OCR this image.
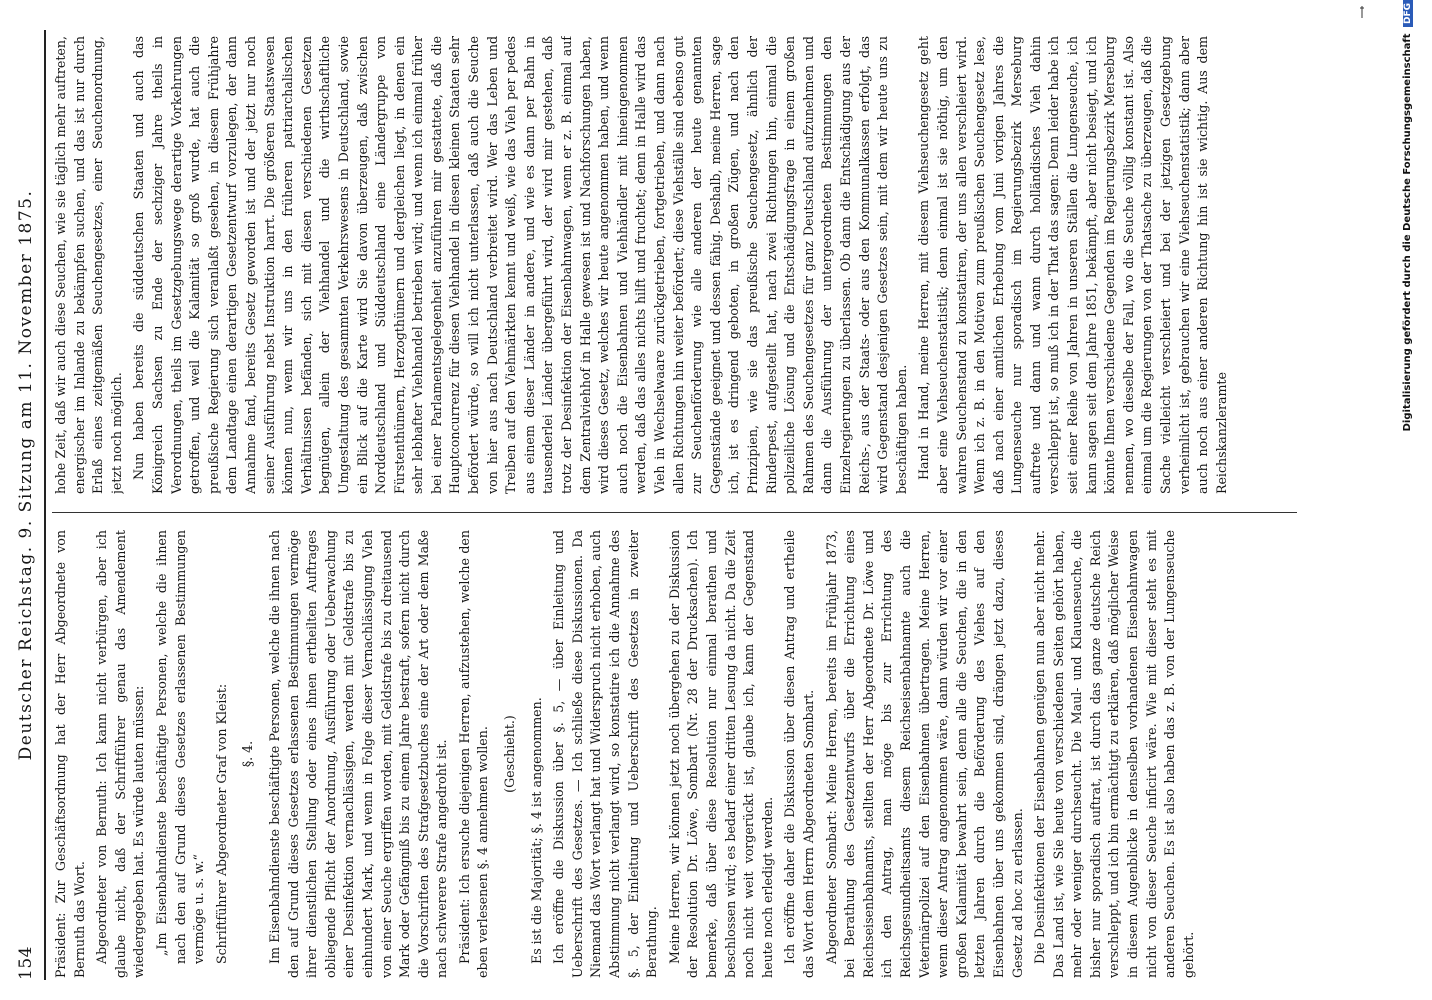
154
Deutscher Reichstag. 9. Sitzung am 11. November 1875. Präsident: Zur Geschäftsordnung hat der Herr Abgeordnete von Bernuth das Wort. Abgeordneter von Bernuth: Ich kann nicht verbürgen, aber ich glaube nicht, daß der Schriftführer genau das Amendement wiedergegeben hat. Es würde lauten müssen: „Im Eisenbahndienste beschäftigte Personen, welche die ihnen nach den auf Grund dieses Gesetzes erlassenen Bestimmungen vermöge u. s. w.“ Schriftführer Abgeordneter Graf von Kleist: §. 4. Im Eisenbahndienste beschäftigte Personen, welche die ihnen nach den auf Grund dieses Gesetzes erlassenen Bestimmungen vermöge ihrer dienstlichen Stellung oder eines ihnen ertheilten Auftrages obliegende Pflicht der Anordnung, Ausführung oder Ueberwachung einer Desinfektion vernachlässigen, werden mit Geldstrafe bis zu einhundert Mark, und wenn in Folge dieser Vernachlässigung Vieh von einer Seuche ergriffen worden, mit Geldstrafe bis zu dreitausend Mark oder Gefängniß bis zu einem Jahre bestraft, sofern nicht durch die Vorschriften des Strafgesetzbuches eine der Art oder dem Maße nach schwerere Strafe angedroht ist. Präsident: Ich ersuche diejenigen Herren, aufzustehen, welche den eben verlesenen §. 4 annehmen wollen. (Geschieht.) Es ist die Majorität; §. 4 ist angenommen. Ich eröffne die Diskussion über §. 5, — über Einleitung und Ueberschrift des Gesetzes. — Ich schließe diese Diskussionen. Da Niemand das Wort verlangt hat und Widerspruch nicht erhoben, auch Abstimmung nicht verlangt wird, so konstatire ich die Annahme des §. 5, der Einleitung und Ueberschrift des Gesetzes in zweiter Berathung. Meine Herren, wir können jetzt noch übergehen zu der Diskussion der Resolution Dr. Löwe, Sombart (Nr. 28 der Drucksachen). Ich bemerke, daß über diese Resolution nur einmal berathen und beschlossen wird; es bedarf einer dritten Lesung da nicht. Da die Zeit noch nicht weit vorgerückt ist, glaube ich, kann der Gegenstand heute noch erledigt werden. Ich eröffne daher die Diskussion über diesen Antrag und ertheile das Wort dem Herrn Abgeordneten Sombart. Abgeordneter Sombart: Meine Herren, bereits im Frühjahr 1873, bei Berathung des Gesetzentwurfs über die Errichtung eines Reichseisenbahnamts, stellten der Herr Abgeordnete Dr. Löwe und ich den Antrag, man möge bis zur Errichtung des Reichsgesundheitsamts diesem Reichseisenbahnamte auch die Veterinärpolizei auf den Eisenbahnen übertragen. Meine Herren, wenn dieser Antrag angenommen wäre, dann würden wir vor einer großen Kalamität bewahrt sein, denn alle die Seuchen, die in den letzten Jahren durch die Beförderung des Viehes auf den Eisenbahnen über uns gekommen sind, drängen jetzt dazu, dieses Gesetz ad hoc zu erlassen. Die Desinfektionen der Eisenbahnen genügen nun aber nicht mehr. Das Land ist, wie Sie heute von verschiedenen Seiten gehört haben, mehr oder weniger durchseucht. Die Maul- und Klauenseuche, die bisher nur sporadisch auftrat, ist durch das ganze deutsche Reich verschleppt, und ich bin ermächtigt zu erklären, daß möglicher Weise in diesem Augenblicke in denselben vorhandenen Eisenbahnwagen nicht von dieser Seuche inficirt wäre. Wie mit dieser steht es mit anderen Seuchen. Es ist also haben das z. B. von der Lungenseuche gehört.

hohe Zeit, daß wir auch diese Seuchen, wie sie täglich mehr auftreten, energischer im Inlande zu bekämpfen suchen, und das ist nur durch Erlaß eines zeitgemäßen Seuchengesetzes, einer Seuchenordnung, jetzt noch möglich. Nun haben bereits die süddeutschen Staaten und auch das Königreich Sachsen zu Ende der sechziger Jahre theils in Verordnungen, theils im Gesetzgebungswege derartige Vorkehrungen getroffen, und weil die Kalamität so groß wurde, hat auch die preußische Regierung sich veranlaßt gesehen, in diesem Frühjahre dem Landtage einen derartigen Gesetzentwurf vorzulegen, der dann Annahme fand, bereits Gesetz geworden ist und der jetzt nur noch seiner Ausführung nebst Instruktion harrt. Die größeren Staatswesen können nun, wenn wir uns in den früheren patriarchalischen Verhältnissen befänden, sich mit diesen verschiedenen Gesetzen begnügen, allein der Viehhandel und die wirthschaftliche Umgestaltung des gesammten Verkehrswesens in Deutschland, sowie ein Blick auf die Karte wird Sie davon überzeugen, daß zwischen Norddeutschland und Süddeutschland eine Ländergruppe von Fürstenthümern, Herzogthümern und dergleichen liegt, in denen ein sehr lebhafter Viehhandel betrieben wird; und wenn ich einmal früher bei einer Parlamentsgelegenheit anzuführen mir gestattete, daß die Hauptconcurrenz für diesen Viehhandel in diesen kleinen Staaten sehr befördert würde, so will ich nicht unterlassen, daß auch die Seuche von hier aus nach Deutschland verbreitet wird. Wer das Leben und Treiben auf den Viehmärkten kennt und weiß, wie das Vieh per pedes aus einem dieser Länder in andere, und wie es dann per Bahn in tausenderlei Länder übergeführt wird, der wird mir gestehen, daß trotz der Desinfektion der Eisenbahnwagen, wenn er z. B. einmal auf dem Zentralviehhof in Halle gewesen ist und Nachforschungen haben, wird dieses Gesetz, welches wir heute angenommen haben, und wenn auch noch die Eisenbahnen und Viehhändler mit hineingenommen werden, daß das alles nichts hilft und fruchtet; denn in Halle wird das Vieh in Wechselwaare zurückgetrieben, fortgetrieben, und dann nach allen Richtungen hin weiter befördert; diese Viehställe sind ebenso gut zur Seuchenförderung wie alle anderen der heute genannten Gegenstände geeignet und dessen fähig. Deshalb, meine Herren, sage ich, ist es dringend geboten, in großen Zügen, und nach den Prinzipien, wie sie das preußische Seuchengesetz, ähnlich der Rinderpest, aufgestellt hat, nach zwei Richtungen hin, einmal die polizeiliche Lösung und die Entschädigungsfrage in einem großen Rahmen des Seuchengesetzes für ganz Deutschland aufzunehmen und dann die Ausführung der untergeordneten Bestimmungen den Einzelregierungen zu überlassen. Ob dann die Entschädigung aus der Reichs-, aus der Staats- oder aus den Kommunalkassen erfolgt, das wird Gegenstand desjenigen Gesetzes sein, mit dem wir heute uns zu beschäftigen haben. Hand in Hand, meine Herren, mit diesem Viehseuchengesetz geht aber eine Viehseuchenstatistik; denn einmal ist sie nöthig, um den wahren Seuchenstand zu konstatiren, der uns allen verschleiert wird. Wenn ich z. B. in den Motiven zum preußischen Seuchengesetz lese, daß nach einer amtlichen Erhebung vom Juni vorigen Jahres die Lungenseuche nur sporadisch im Regierungsbezirk Merseburg auftrete und dann und wann durch holländisches Vieh dahin verschleppt ist, so muß ich in der That das sagen: Denn leider habe ich seit einer Reihe von Jahren in unseren Ställen die Lungenseuche, ich kann sagen seit dem Jahre 1851, bekämpft, aber nicht besiegt, und ich könnte Ihnen verschiedene Gegenden im Regierungsbezirk Merseburg nennen, wo dieselbe der Fall, wo die Seuche völlig konstant ist. Also einmal um die Regierungen von der Thatsache zu überzeugen, daß die Sache vielleicht verschleiert und bei der jetzigen Gesetzgebung verheimlicht ist, gebrauchen wir eine Viehseuchenstatistik; dann aber auch noch aus einer anderen Richtung hin ist sie wichtig. Aus dem Reichskanzleramte

Digitalisierung gefördert durch die Deutsche Forschungsgemeinschaft DFG
